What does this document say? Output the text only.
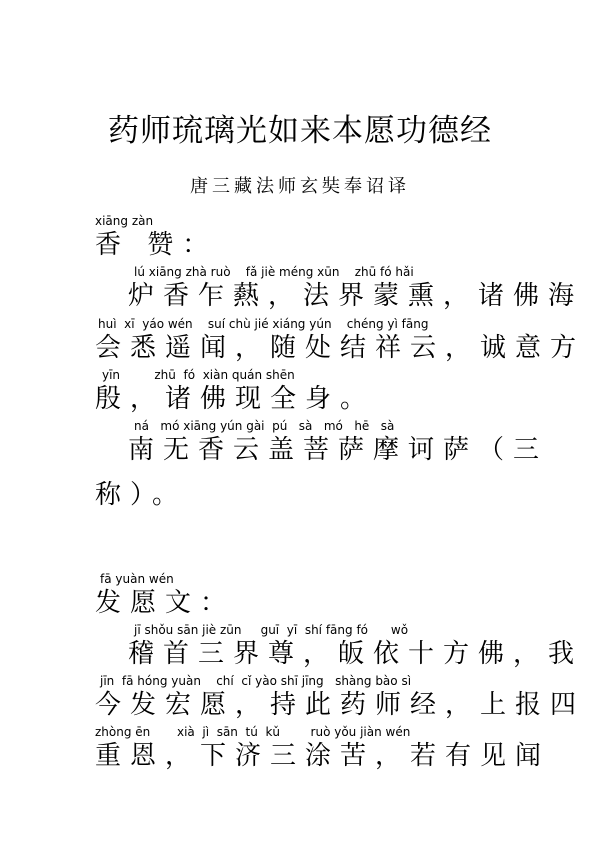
药师琉璃光如来本愿功德经
唐三藏法师玄奘奉诏译
xiāng zàn
香 赞：
lú xiāng zhà ruò    fǎ jiè méng xūn    zhū fó hǎi
炉香乍爇，法界蒙熏，诸佛海
huì  xī  yáo wén    suí chù jié xiáng yún    chéng yì fāng
会悉遥闻，随处结祥云，诚意方
yīn         zhū  fó  xiàn quán shēn
殷，诸佛现全身。
ná   mó xiāng yún gài  pú   sà   mó   hē   sà
南无香云盖菩萨摩诃萨（三
称）。
fā yuàn wén
发愿文：
jī shǒu sān jiè zūn     guī  yī  shí fāng fó      wǒ
稽首三界尊，皈依十方佛，我
jīn  fā hóng yuàn    chí  cǐ yào shī jīng   shàng bào sì
今发宏愿，持此药师经，上报四
zhòng ēn       xià  jì  sān  tú  kǔ        ruò yǒu jiàn wén
重恩，下济三涂苦，若有见闻
